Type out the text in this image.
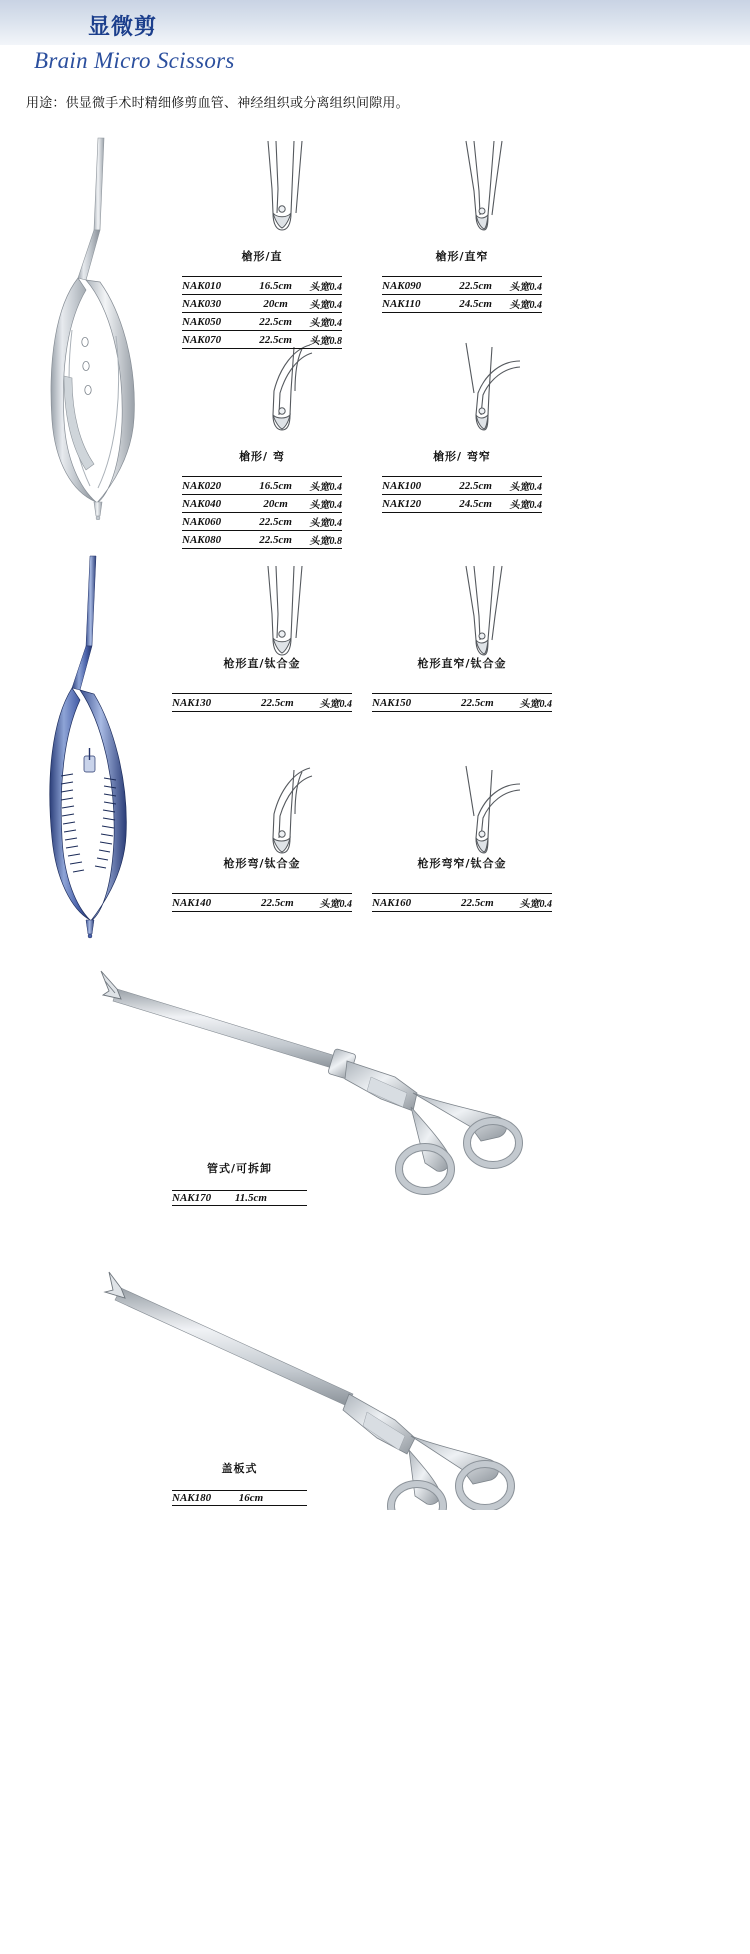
显微剪
Brain Micro Scissors
用途：供显微手术时精细修剪血管、神经组织或分离组织间隙用。
槍形/直
NAK010	16.5cm	头宽0.4
NAK030	20cm	头宽0.4
NAK050	22.5cm	头宽0.4
NAK070	22.5cm	头宽0.8
槍形/直窄
NAK090	22.5cm	头宽0.4
NAK110	24.5cm	头宽0.4
槍形/ 弯
NAK020	16.5cm	头宽0.4
NAK040	20cm	头宽0.4
NAK060	22.5cm	头宽0.4
NAK080	22.5cm	头宽0.8
槍形/ 弯窄
NAK100	22.5cm	头宽0.4
NAK120	24.5cm	头宽0.4
枪形直/钛合金
NAK130	22.5cm	头宽0.4
枪形直窄/钛合金
NAK150	22.5cm	头宽0.4
枪形弯/钛合金
NAK140	22.5cm	头宽0.4
枪形弯窄/钛合金
NAK160	22.5cm	头宽0.4
管式/可拆卸
NAK170	11.5cm	
盖板式
NAK180	16cm	
